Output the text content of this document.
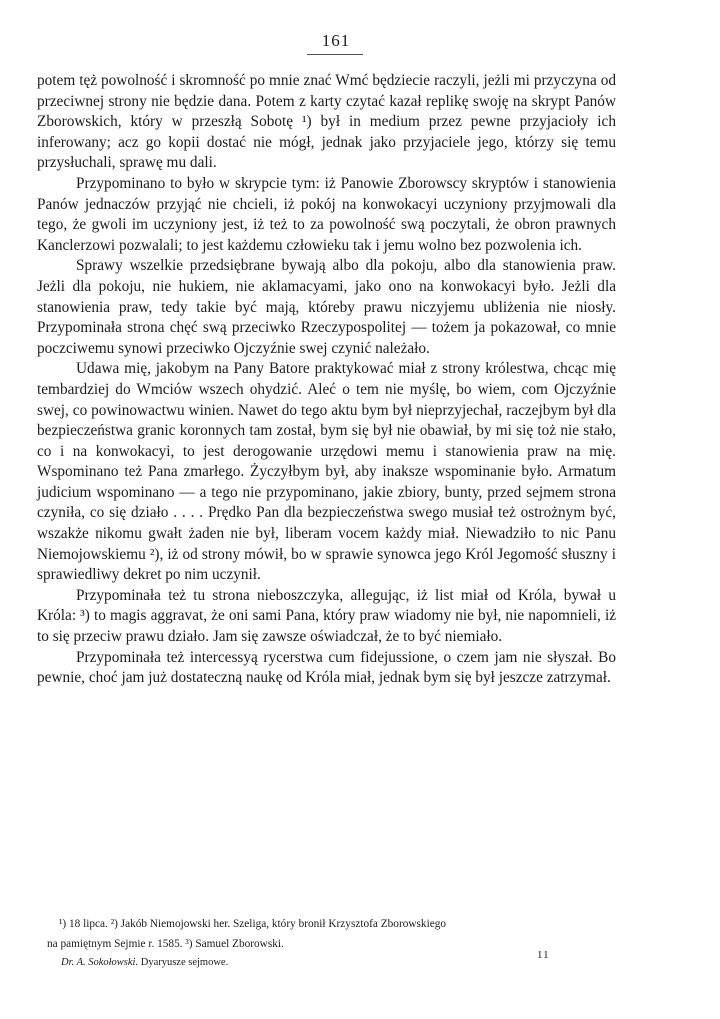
161

potem tęż powolność i skromność po mnie znać Wmć będziecie raczyli, jeżli mi przyczyna od przeciwnej strony nie będzie dana. Potem z karty czytać kazał replikę swoję na skrypt Panów Zborowskich, który w przeszłą Sobotę ¹) był in medium przez pewne przyjacioły ich inferowany; acz go kopii dostać nie mógł, jednak jako przyjaciele jego, którzy się temu przysłuchali, sprawę mu dali.

Przypominano to było w skrypcie tym: iż Panowie Zborowscy skryptów i stanowienia Panów jednaczów przyjąć nie chcieli, iż pokój na konwokacyi uczyniony przyjmowali dla tego, że gwoli im uczyniony jest, iż też to za powolność swą poczytali, że obron prawnych Kanclerzowi pozwalali; to jest każdemu człowieku tak i jemu wolno bez pozwolenia ich.

Sprawy wszelkie przedsiębrane bywają albo dla pokoju, albo dla stanowienia praw. Jeżli dla pokoju, nie hukiem, nie aklamacyami, jako ono na konwokacyi było. Jeżli dla stanowienia praw, tedy takie być mają, któreby prawu niczyjemu ubliżenia nie niosły. Przypominała strona chęć swą przeciwko Rzeczypospolitej — tożem ja pokazował, co mnie poczciwemu synowi przeciwko Ojczyźnie swej czynić należało.

Udawa mię, jakobym na Pany Batore praktykować miał z strony królestwa, chcąc mię tembardziej do Wmciów wszech ohydzić. Aleć o tem nie myślę, bo wiem, com Ojczyźnie swej, co powinowactwu winien. Nawet do tego aktu bym był nieprzyjechał, raczejbym był dla bezpieczeństwa granic koronnych tam został, bym się był nie obawiał, by mi się toż nie stało, co i na konwokacyi, to jest derogowanie urzędowi memu i stanowienia praw na mię. Wspominano też Pana zmarłego. Życzyłbym był, aby inaksze wspominanie było. Armatum judicium wspominano — a tego nie przypominano, jakie zbiory, bunty, przed sejmem strona czyniła, co się działo . . . . Prędko Pan dla bezpieczeństwa swego musiał też ostrożnym być, wszakże nikomu gwałt żaden nie był, liberam vocem każdy miał. Niewadziło to nic Panu Niemojowskiemu ²), iż od strony mówił, bo w sprawie synowca jego Król Jegomość słuszny i sprawiedliwy dekret po nim uczynił.

Przypominała też tu strona nieboszczyka, allegując, iż list miał od Króla, bywał u Króla: ³) to magis aggravat, że oni sami Pana, który praw wiadomy nie był, nie napomnieli, iż to się przeciw prawu działo. Jam się zawsze oświadczał, że to być niemiało.

Przypominała też intercessyą rycerstwa cum fidejussione, o czem jam nie słyszał. Bo pewnie, choć jam już dostateczną naukę od Króla miał, jednak bym się był jeszcze zatrzymał.

¹) 18 lipca. ²) Jakób Niemojowski her. Szeliga, który bronił Krzysztofa Zborowskiego

na pamiętnym Sejmie r. 1585. ³) Samuel Zborowski.

Dr. A. Sokołowski. Dyaryusze sejmowe.
11
